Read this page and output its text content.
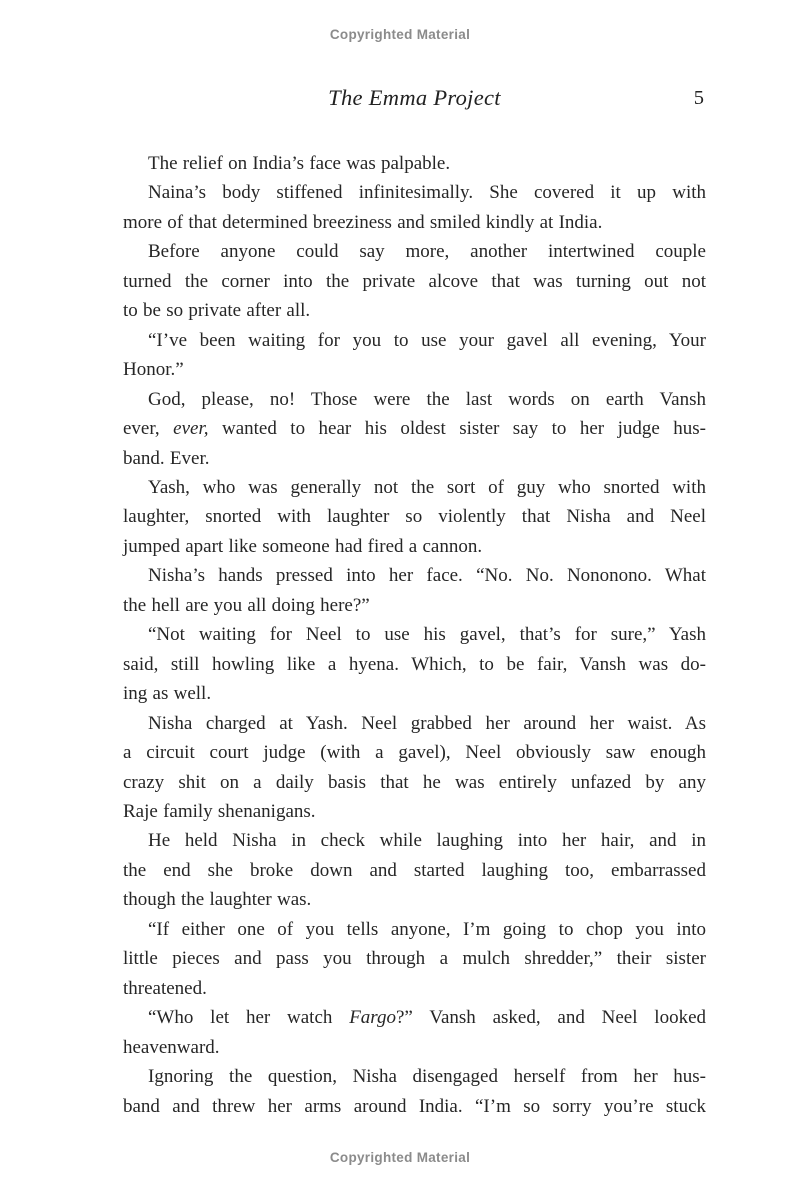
Copyrighted Material
The Emma Project	5

The relief on India’s face was palpable.

Naina’s body stiffened infinitesimally. She covered it up with
more of that determined breeziness and smiled kindly at India.

Before anyone could say more, another intertwined couple
turned the corner into the private alcove that was turning out not
to be so private after all.

“I’ve been waiting for you to use your gavel all evening, Your
Honor.”

God, please, no! Those were the last words on earth Vansh
ever, ever, wanted to hear his oldest sister say to her judge hus-
band. Ever.

Yash, who was generally not the sort of guy who snorted with
laughter, snorted with laughter so violently that Nisha and Neel
jumped apart like someone had fired a cannon.

Nisha’s hands pressed into her face. “No. No. Nononono. What
the hell are you all doing here?”

“Not waiting for Neel to use his gavel, that’s for sure,” Yash
said, still howling like a hyena. Which, to be fair, Vansh was do-
ing as well.

Nisha charged at Yash. Neel grabbed her around her waist. As
a circuit court judge (with a gavel), Neel obviously saw enough
crazy shit on a daily basis that he was entirely unfazed by any
Raje family shenanigans.

He held Nisha in check while laughing into her hair, and in
the end she broke down and started laughing too, embarrassed
though the laughter was.

“If either one of you tells anyone, I’m going to chop you into
little pieces and pass you through a mulch shredder,” their sister
threatened.

“Who let her watch Fargo?” Vansh asked, and Neel looked
heavenward.

Ignoring the question, Nisha disengaged herself from her hus-
band and threw her arms around India. “I’m so sorry you’re stuck

Copyrighted Material
